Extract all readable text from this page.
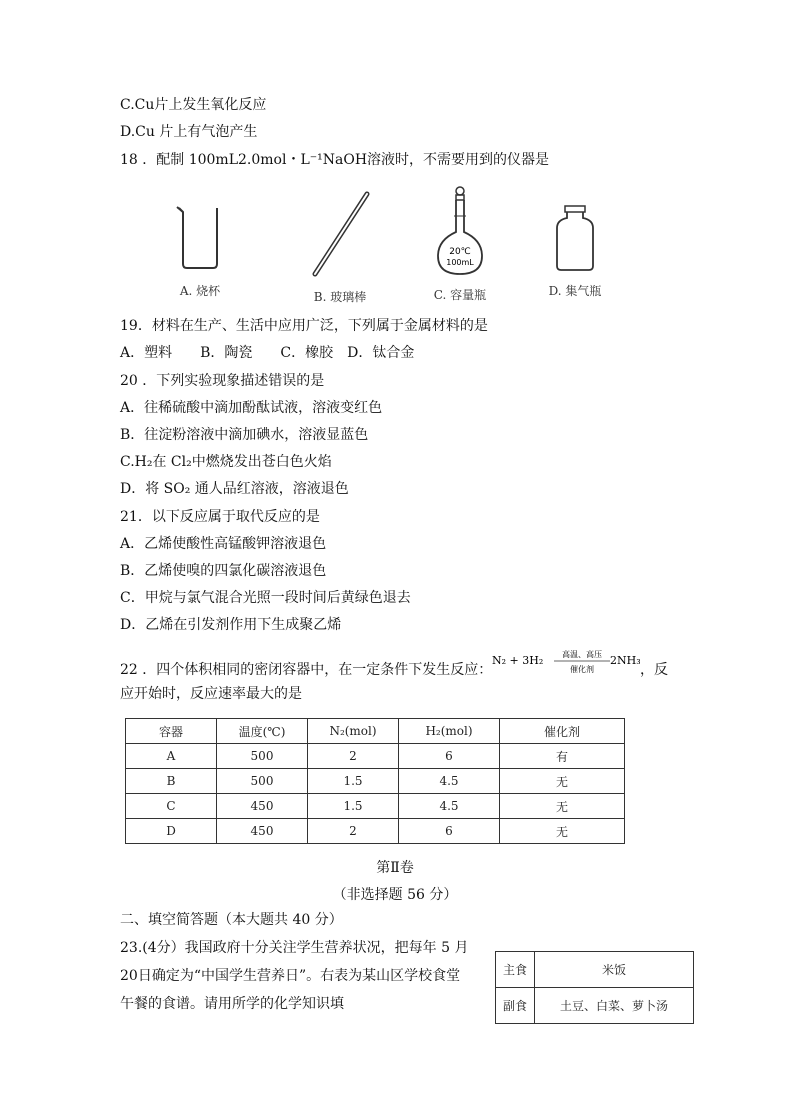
C.Cu片上发生氧化反应
D.Cu 片上有气泡产生
18 ．配制 100mL2.0mol・L⁻¹NaOH溶液时，不需要用到的仪器是
A. 烧杯	B. 玻璃棒
20℃
100mL
C. 容量瓶	D. 集气瓶
19．材料在生产、生活中应用广泛，下列属于金属材料的是
A．塑料　　B．陶瓷　　C．橡胶　D．钛合金
20 ．下列实验现象描述错误的是
A．往稀硫酸中滴加酚酞试液，溶液变红色
B．往淀粉溶液中滴加碘水，溶液显蓝色
C.H₂在 Cl₂中燃烧发出苍白色火焰
D．将 SO₂ 通人品红溶液，溶液退色
21．以下反应属于取代反应的是
A．乙烯使酸性高锰酸钾溶液退色
B．乙烯使嗅的四氯化碳溶液退色
C．甲烷与氯气混合光照一段时间后黄绿色退去
D．乙烯在引发剂作用下生成聚乙烯
22 ．四个体积相同的密闭容器中，在一定条件下发生反应：
N₂ + 3H₂ 高温、高压
催化剂
2NH₃
，反
应开始时，反应速率最大的是
容器	温度(℃)	N₂(mol)	H₂(mol)	催化剂
A	500	2	6	有
B	500	1.5	4.5	无
C	450	1.5	4.5	无
D	450	2	6	无
第Ⅱ卷
（非选择题 56 分）
二、填空简答题（本大题共 40 分）
23.(4分）我国政府十分关注学生营养状况，把每年 5 月
20日确定为“中国学生营养日”。右表为某山区学校食堂
午餐的食谱。请用所学的化学知识填
主食	米饭
副食	土豆、白菜、萝卜汤
